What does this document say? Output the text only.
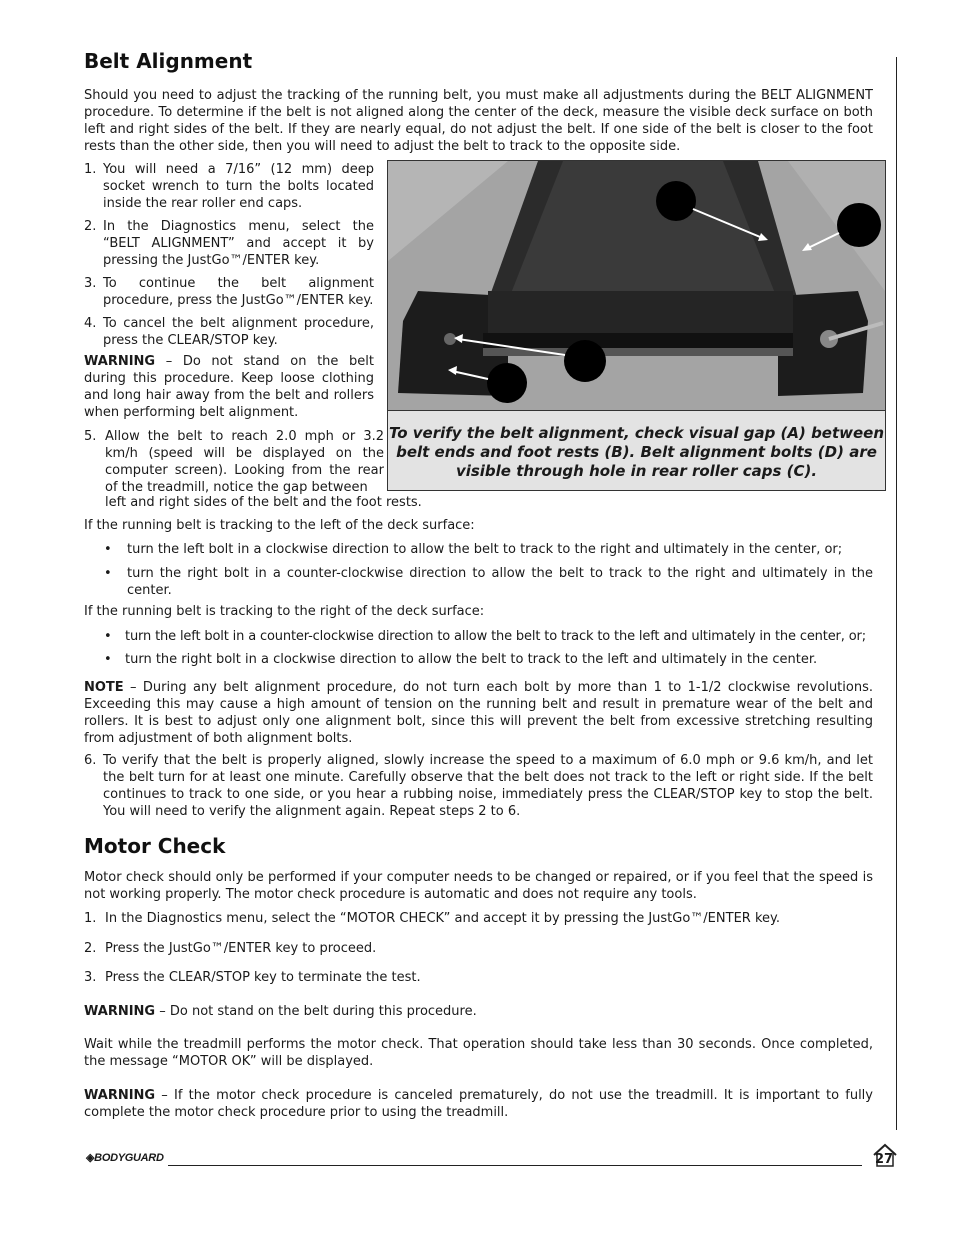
Belt Alignment

Should you need to adjust the tracking of the running belt, you must make all adjustments during the BELT ALIGNMENT procedure. To determine if the belt is not aligned along the center of the deck, measure the visible deck surface on both left and right sides of the belt. If they are nearly equal, do not adjust the belt. If one side of the belt is closer to the foot rests than the other side, then you will need to adjust the belt to track to the opposite side.

1. You will need a 7/16” (12 mm) deep socket wrench to turn the bolts located inside the rear roller end caps.
2. In the Diagnostics menu, select the “BELT ALIGNMENT” and accept it by pressing the JustGo™/ENTER key.
3. To continue the belt alignment procedure, press the JustGo™/ENTER key.
4. To cancel the belt alignment procedure, press the CLEAR/STOP key.

WARNING – Do not stand on the belt during this procedure. Keep loose clothing and long hair away from the belt and rollers when performing belt alignment.

5. Allow the belt to reach 2.0 mph or 3.2 km/h (speed will be displayed on the computer screen). Looking from the rear of the treadmill, notice the gap between

left and right sides of the belt and the foot rests.

To verify the belt alignment, check visual gap (A) between belt ends and foot rests (B). Belt alignment bolts (D) are visible through hole in rear roller caps (C).

If the running belt is tracking to the left of the deck surface:

•	turn the left bolt in a clockwise direction to allow the belt to track to the right and ultimately in the center, or;
•	turn the right bolt in a counter-clockwise direction to allow the belt to track to the right and ultimately in the center.

If the running belt is tracking to the right of the deck surface:

•	turn the left bolt in a counter-clockwise direction to allow the belt to track to the left and ultimately in the center, or;
•	turn the right bolt in a clockwise direction to allow the belt to track to the left and ultimately in the center.

NOTE – During any belt alignment procedure, do not turn each bolt by more than 1 to 1-1/2 clockwise revolutions. Exceeding this may cause a high amount of tension on the running belt and result in premature wear of the belt and rollers. It is best to adjust only one alignment bolt, since this will prevent the belt from excessive stretching resulting from adjustment of both alignment bolts.

6. To verify that the belt is properly aligned, slowly increase the speed to a maximum of 6.0 mph or 9.6 km/h, and let the belt turn for at least one minute. Carefully observe that the belt does not track to the left or right side. If the belt continues to track to one side, or you hear a rubbing noise, immediately press the CLEAR/STOP key to stop the belt. You will need to verify the alignment again. Repeat steps 2 to 6.
Motor Check

Motor check should only be performed if your computer needs to be changed or repaired, or if you feel that the speed is not working properly. The motor check procedure is automatic and does not require any tools.

1. In the Diagnostics menu, select the “MOTOR CHECK” and accept it by pressing the JustGo™/ENTER key.
2. Press the JustGo™/ENTER key to proceed.
3. Press the CLEAR/STOP key to terminate the test.

WARNING – Do not stand on the belt during this procedure.

Wait while the treadmill performs the motor check. That operation should take less than 30 seconds. Once completed, the message “MOTOR OK” will be displayed.

WARNING – If the motor check procedure is canceled prematurely, do not use the treadmill. It is important to fully complete the motor check procedure prior to using the treadmill.

◈BODYGUARD	27
